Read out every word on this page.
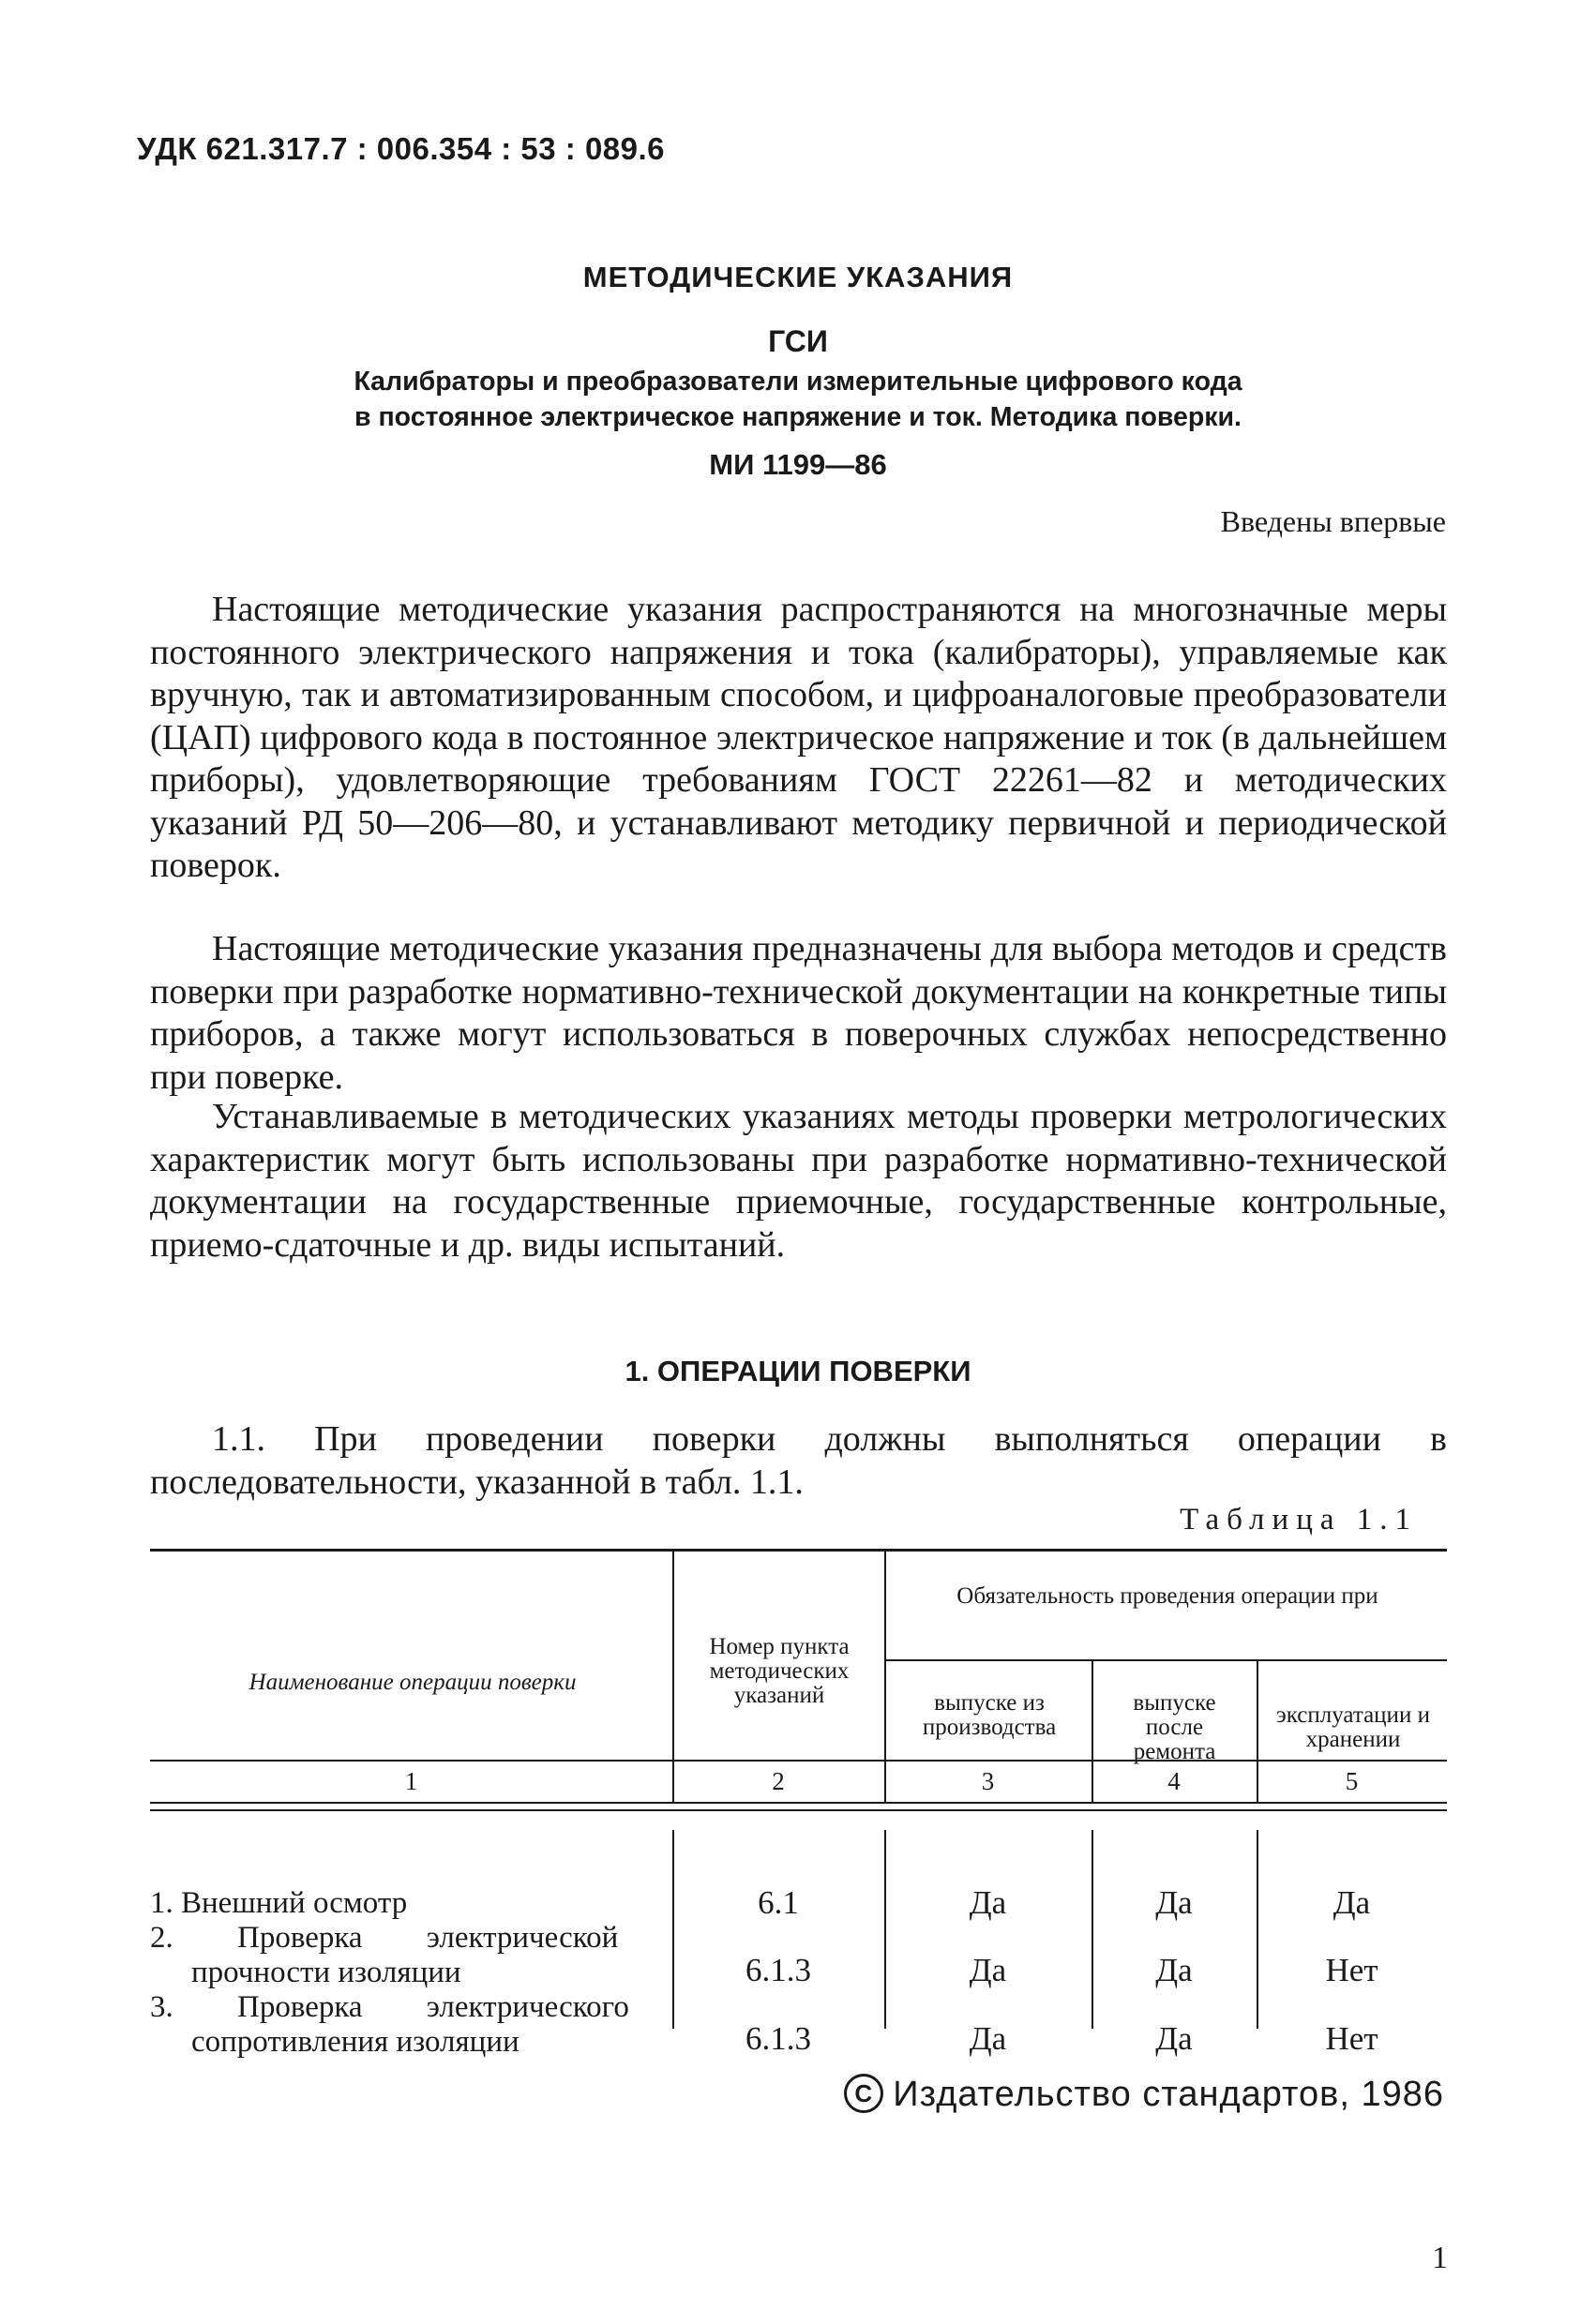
УДК 621.317.7 : 006.354 : 53 : 089.6
МЕТОДИЧЕСКИЕ УКАЗАНИЯ
ГСИ
Калибраторы и преобразователи измерительные цифрового кода
в постоянное электрическое напряжение и ток. Методика поверки.
МИ 1199—86
Введены впервые

Настоящие методические указания распространяются на многозначные меры постоянного электрического напряжения и тока (калибраторы), управляемые как вручную, так и автоматизированным способом, и цифроаналоговые преобразователи (ЦАП) цифрового кода в постоянное электрическое напряжение и ток (в дальнейшем приборы), удовлетворяющие требованиям ГОСТ 22261—82 и методических указаний РД 50—206—80, и устанавливают методику первичной и периодической поверок.

Настоящие методические указания предназначены для выбора методов и средств поверки при разработке нормативно-технической документации на конкретные типы приборов, а также могут использоваться в поверочных службах непосредственно при поверке.

Устанавливаемые в методических указаниях методы проверки метрологических характеристик могут быть использованы при разработке нормативно-технической документации на государственные приемочные, государственные контрольные, приемо-сдаточные и др. виды испытаний.

1. ОПЕРАЦИИ ПОВЕРКИ

1.1. При проведении поверки должны выполняться операции в последовательности, указанной в табл. 1.1.

Таблица 1.1
Наименование операции поверки
Номер пункта методических указаний
Обязательность проведения операции при
выпуске из производства
выпуске после ремонта
эксплуатации и хранении
1	2	3	4	5
1. Внешний осмотр	6.1	Да	Да	Да
2. Проверка электрической
прочности изоляции	6.1.3	Да	Да	Нет
3. Проверка электрического
сопротивления изоляции	6.1.3	Да	Да	Нет
C Издательство стандартов, 1986
1
